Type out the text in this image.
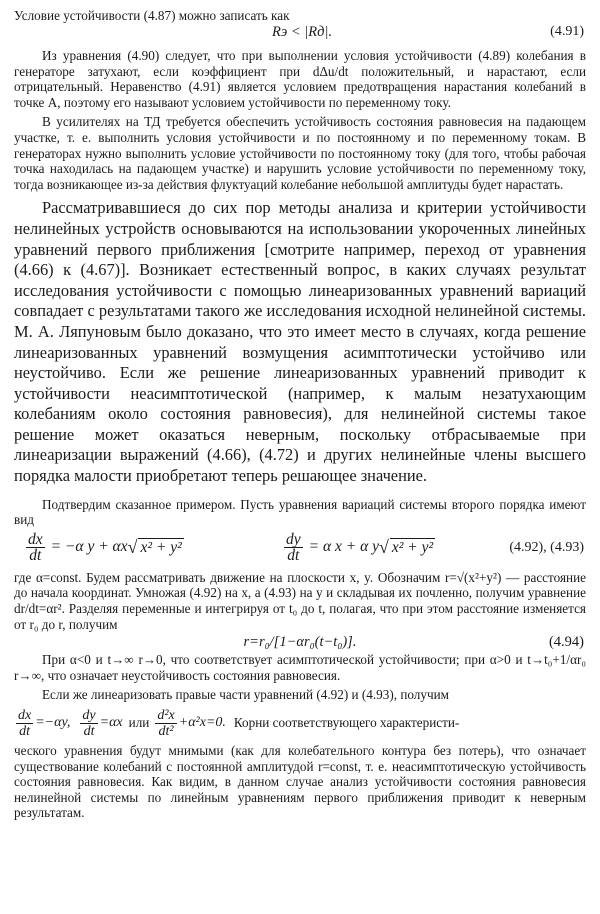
Условие устойчивости (4.87) можно записать как

Rэ < |Rд|.	(4.91)

Из уравнения (4.90) следует, что при выполнении условия устойчивости (4.89) колебания в генераторе затухают, если коэффициент при dΔu/dt положительный, и нарастают, если отрицательный. Неравенство (4.91) является условием предотвращения нарастания колебаний в точке A, поэтому его называют условием устойчивости по переменному току.

В усилителях на ТД требуется обеспечить устойчивость состояния равновесия на падающем участке, т. е. выполнить условия устойчивости и по постоянному и по переменному токам. В генераторах нужно выполнить условие устойчивости по постоянному току (для того, чтобы рабочая точка находилась на падающем участке) и нарушить условие устойчивости по переменному току, тогда возникающее из-за действия флуктуаций колебание небольшой амплитуды будет нарастать.

Рассматривавшиеся до сих пор методы анализа и критерии устойчивости нелинейных устройств основываются на использовании укороченных линейных уравнений первого приближения [смотрите например, переход от уравнения (4.66) к (4.67)]. Возникает естественный вопрос, в каких случаях результат исследования устойчивости с помощью линеаризованных уравнений вариаций совпадает с результатами такого же исследования исходной нелинейной системы. М. А. Ляпуновым было доказано, что это имеет место в случаях, когда решение линеаризованных уравнений возмущения асимптотически устойчиво или неустойчиво. Если же решение линеаризованных уравнений приводит к устойчивости неасимптотической (например, к малым незатухающим колебаниям около состояния равновесия), для нелинейной системы такое решение может оказаться неверным, поскольку отбрасываемые при линеаризации выражений (4.66), (4.72) и других нелинейные члены высшего порядка малости приобретают теперь решающее значение.

Подтвердим сказанное примером. Пусть уравнения вариаций системы второго порядка имеют вид

$\frac{dx}{dt} = -\alpha$ y + αx √ x² + y²	$\frac{dy}{dt} = \alpha$ x + α y √ x² + y²	(4.92), (4.93)

где α=const. Будем рассматривать движение на плоскости x, y. Обозначим r=√(x²+y²) — расстояние до начала координат. Умножая (4.92) на x, а (4.93) на y и складывая их почленно, получим уравнение dr/dt=αr². Разделяя переменные и интегрируя от t₀ до t, полагая, что при этом расстояние изменяется от r₀ до r, получим

r=r₀/[1−αr₀(t−t₀)].	(4.94)

При α<0 и t→∞ r→0, что соответствует асимптотической устойчивости; при α>0 и t→t₀+1/αr₀ r→∞, что означает неустойчивость состояния равновесия.

Если же линеаризовать правые части уравнений (4.92) и (4.93), получим

$\frac{dx}{dt} =-\alpha y$, $\frac{dy}{dt} =\alpha x$ или $\frac{\text{d²x}}{\text{dt²}} +\alpha^2x=0$. Корни соответствующего характеристи-

ческого уравнения будут мнимыми (как для колебательного контура без потерь), что означает существование колебаний с постоянной амплитудой r=const, т. е. неасимптотическую устойчивость состояния равновесия. Как видим, в данном случае анализ устойчивости состояния равновесия нелинейной системы по линейным уравнениям первого приближения приводит к неверным результатам.
